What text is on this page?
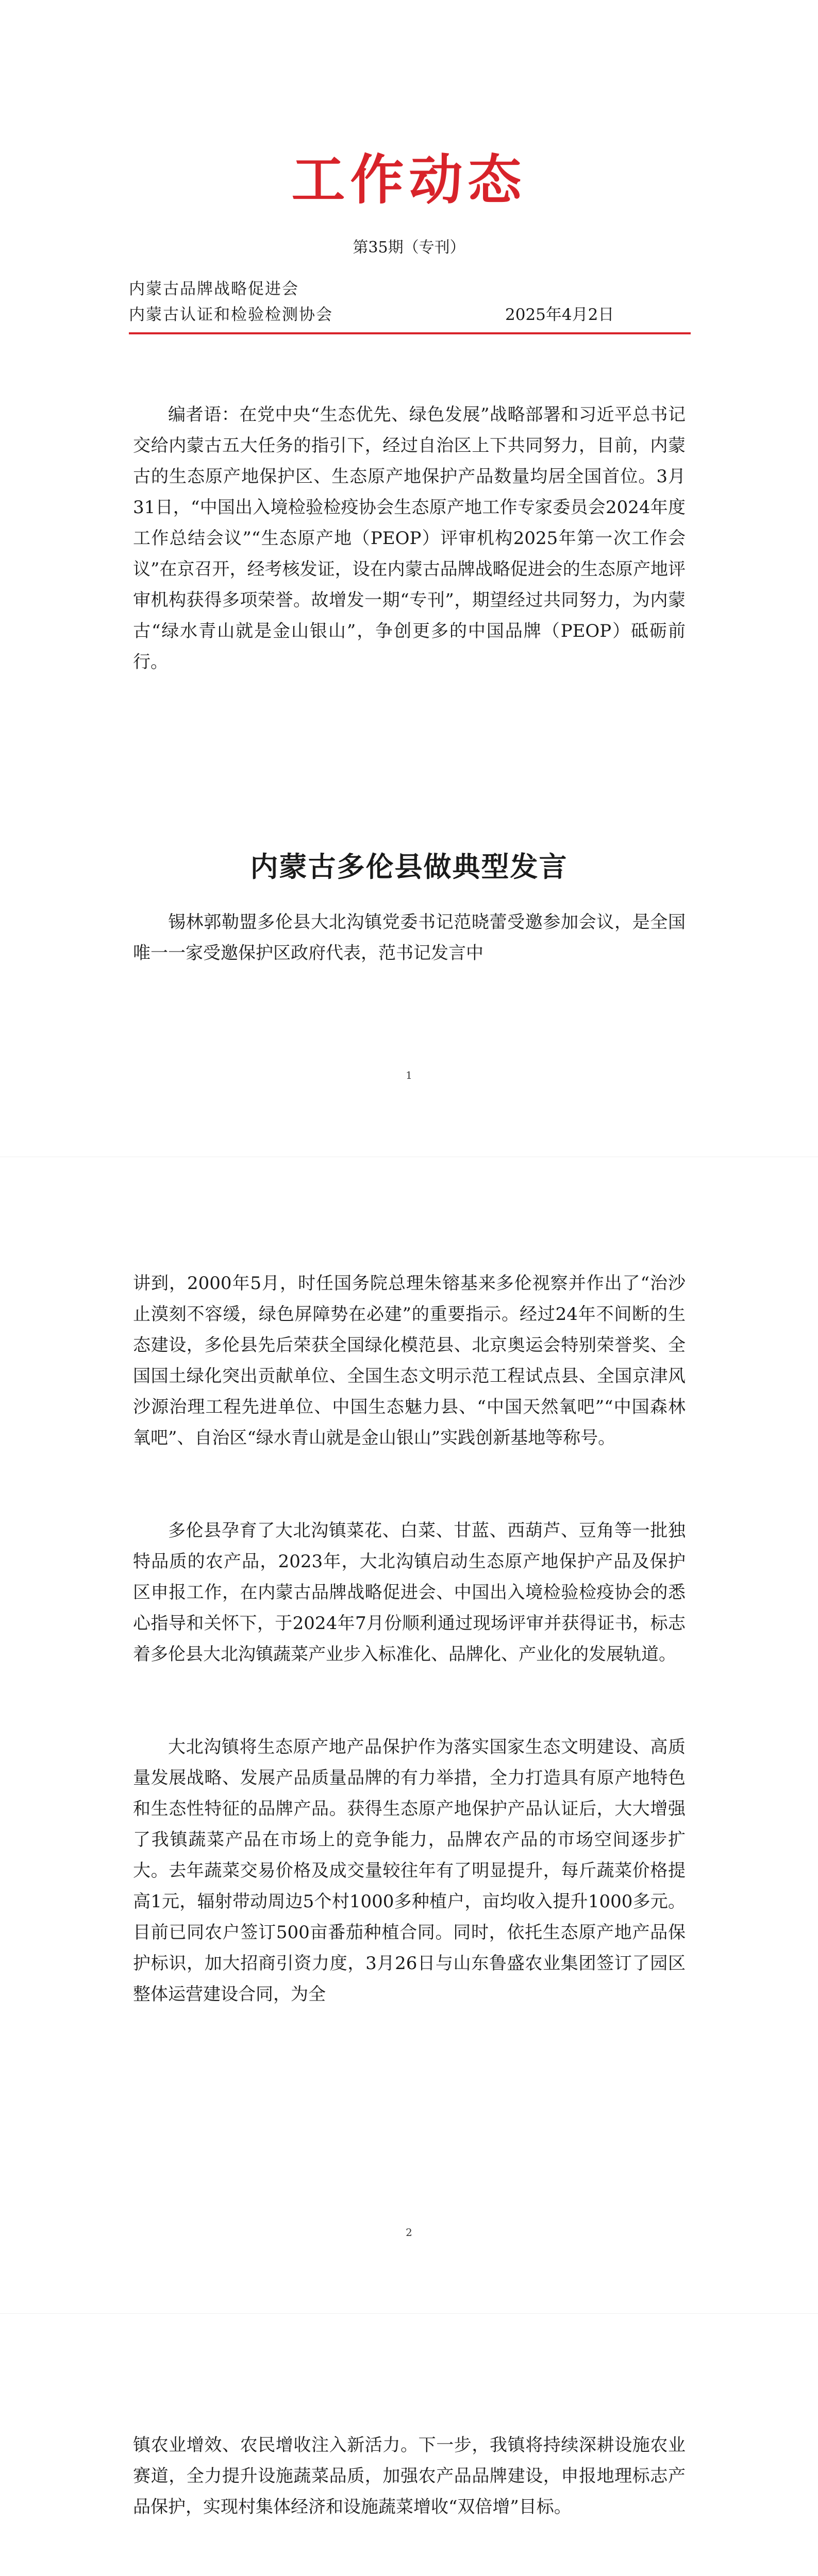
工作动态
第35期（专刊）
内蒙古品牌战略促进会
内蒙古认证和检验检测协会	2025年4月2日

编者语：在党中央“生态优先、绿色发展”战略部署和习近平总书记交给内蒙古五大任务的指引下，经过自治区上下共同努力，目前，内蒙古的生态原产地保护区、生态原产地保护产品数量均居全国首位。3月31日，“中国出入境检验检疫协会生态原产地工作专家委员会2024年度工作总结会议”“生态原产地（PEOP）评审机构2025年第一次工作会议”在京召开，经考核发证，设在内蒙古品牌战略促进会的生态原产地评审机构获得多项荣誉。故增发一期“专刊”，期望经过共同努力，为内蒙古“绿水青山就是金山银山”，争创更多的中国品牌（PEOP）砥砺前行。

内蒙古多伦县做典型发言

锡林郭勒盟多伦县大北沟镇党委书记范晓蕾受邀参加会议，是全国唯一一家受邀保护区政府代表，范书记发言中

1

讲到，2000年5月，时任国务院总理朱镕基来多伦视察并作出了“治沙止漠刻不容缓，绿色屏障势在必建”的重要指示。经过24年不间断的生态建设，多伦县先后荣获全国绿化模范县、北京奥运会特别荣誉奖、全国国土绿化突出贡献单位、全国生态文明示范工程试点县、全国京津风沙源治理工程先进单位、中国生态魅力县、“中国天然氧吧”“中国森林氧吧”、自治区“绿水青山就是金山银山”实践创新基地等称号。

多伦县孕育了大北沟镇菜花、白菜、甘蓝、西葫芦、豆角等一批独特品质的农产品，2023年，大北沟镇启动生态原产地保护产品及保护区申报工作，在内蒙古品牌战略促进会、中国出入境检验检疫协会的悉心指导和关怀下，于2024年7月份顺利通过现场评审并获得证书，标志着多伦县大北沟镇蔬菜产业步入标准化、品牌化、产业化的发展轨道。

大北沟镇将生态原产地产品保护作为落实国家生态文明建设、高质量发展战略、发展产品质量品牌的有力举措，全力打造具有原产地特色和生态性特征的品牌产品。获得生态原产地保护产品认证后，大大增强了我镇蔬菜产品在市场上的竞争能力，品牌农产品的市场空间逐步扩大。去年蔬菜交易价格及成交量较往年有了明显提升，每斤蔬菜价格提高1元，辐射带动周边5个村1000多种植户，亩均收入提升1000多元。目前已同农户签订500亩番茄种植合同。同时，依托生态原产地产品保护标识，加大招商引资力度，3月26日与山东鲁盛农业集团签订了园区整体运营建设合同，为全

2

镇农业增效、农民增收注入新活力。下一步，我镇将持续深耕设施农业赛道，全力提升设施蔬菜品质，加强农产品品牌建设，申报地理标志产品保护，实现村集体经济和设施蔬菜增收“双倍增”目标。
